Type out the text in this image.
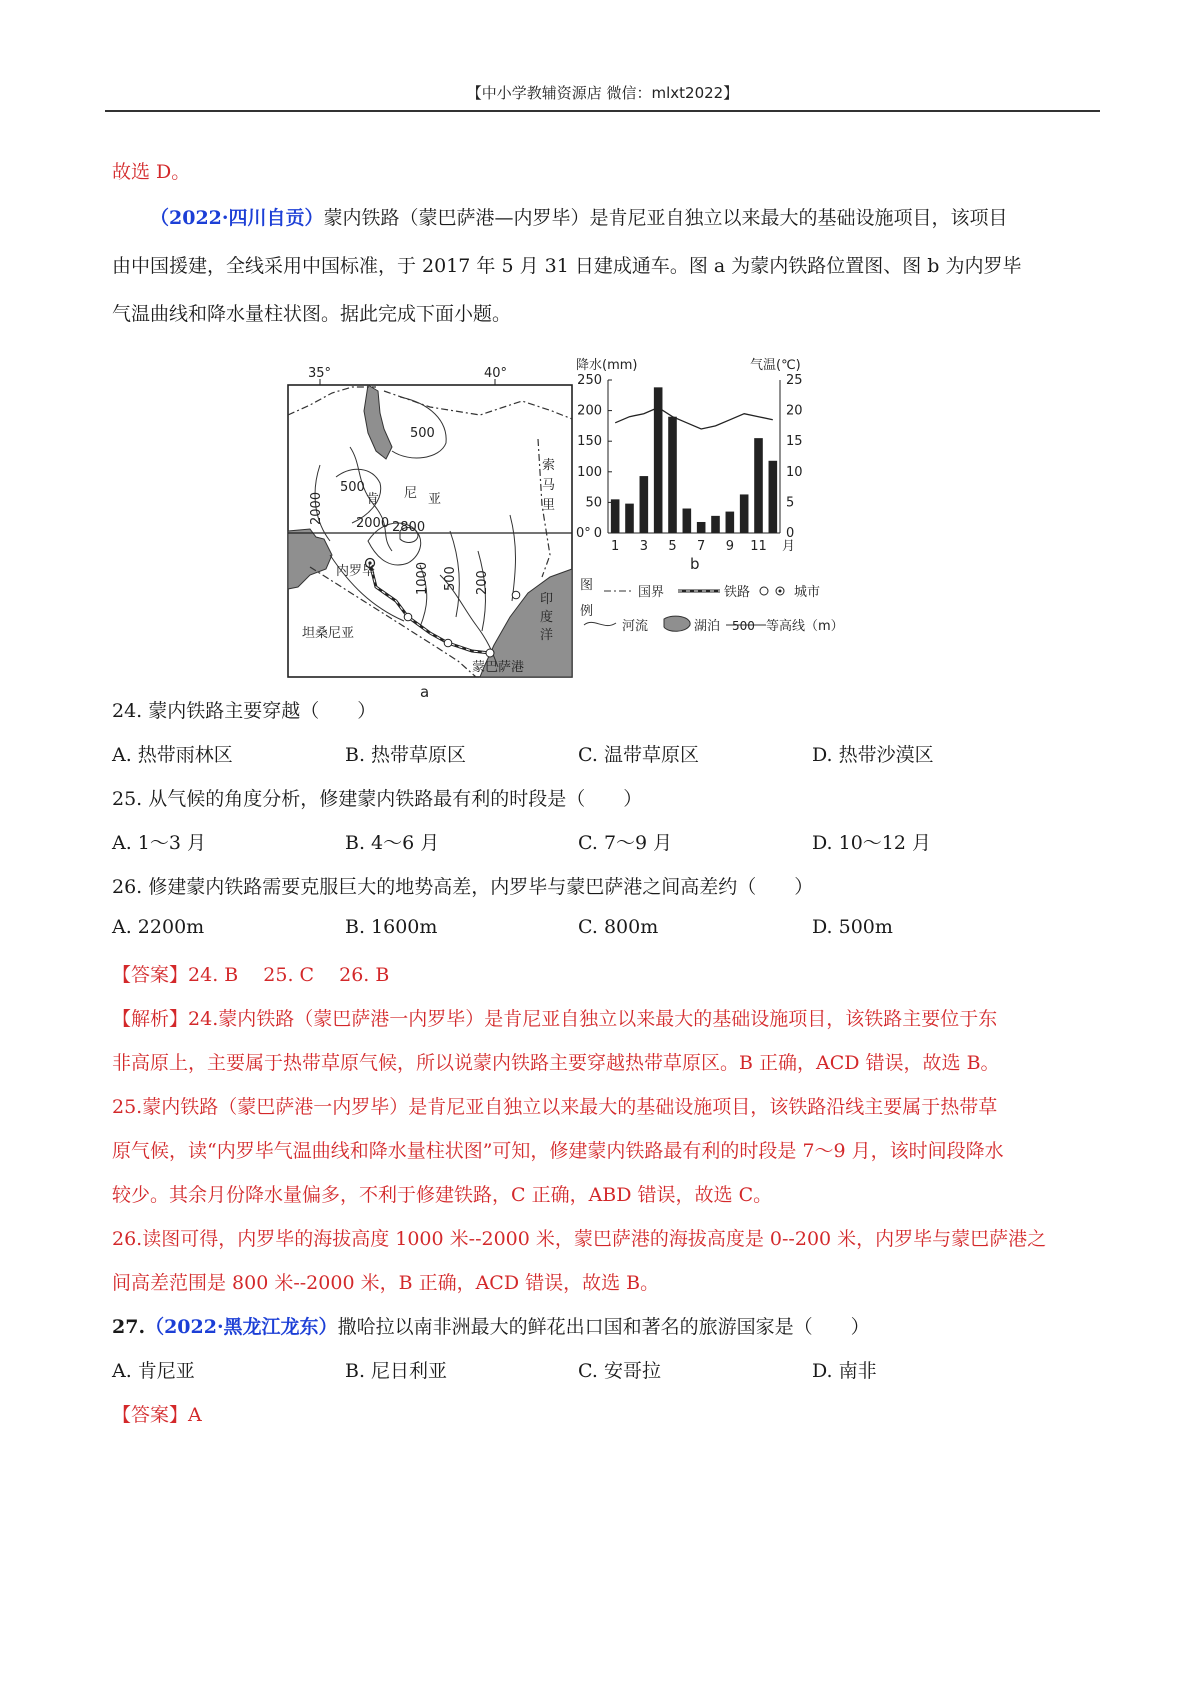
【中小学教辅资源店 微信：mlxt2022】
故选 D。
（2022·四川自贡）蒙内铁路（蒙巴萨港—内罗毕）是肯尼亚自独立以来最大的基础设施项目，该项目
由中国援建，全线采用中国标准，于 2017 年 5 月 31 日建成通车。图 a 为蒙内铁路位置图、图 b 为内罗毕
气温曲线和降水量柱状图。据此完成下面小题。
35°	40°
0°
500
500
2000 2000 2800
1000 500 200
肯 尼 亚
索
马
里
内罗毕
坦桑尼亚
蒙巴萨港
印
度
洋
a
降水(mm)	气温(℃)
0
50
100
150
200
250
0
5
10
15
20
25
1 3 5 7 9 11 月
b
图
例
国界	铁路	城市
河流	湖泊 500 等高线（m）
24. 蒙内铁路主要穿越（　　）
A. 热带雨林区	B. 热带草原区	C. 温带草原区	D. 热带沙漠区
25. 从气候的角度分析，修建蒙内铁路最有利的时段是（　　）
A. 1～3 月	B. 4～6 月	C. 7～9 月	D. 10～12 月
26. 修建蒙内铁路需要克服巨大的地势高差，内罗毕与蒙巴萨港之间高差约（　　）
A. 2200m	B. 1600m	C. 800m	D. 500m
【答案】24. B　 25. C　 26. B
【解析】24.蒙内铁路（蒙巴萨港一内罗毕）是肯尼亚自独立以来最大的基础设施项目，该铁路主要位于东
非高原上，主要属于热带草原气候，所以说蒙内铁路主要穿越热带草原区。B 正确，ACD 错误，故选 B。
25.蒙内铁路（蒙巴萨港一内罗毕）是肯尼亚自独立以来最大的基础设施项目，该铁路沿线主要属于热带草
原气候，读“内罗毕气温曲线和降水量柱状图”可知，修建蒙内铁路最有利的时段是 7～9 月，该时间段降水
较少。其余月份降水量偏多，不利于修建铁路，C 正确，ABD 错误，故选 C。
26.读图可得，内罗毕的海拔高度 1000 米--2000 米，蒙巴萨港的海拔高度是 0--200 米，内罗毕与蒙巴萨港之
间高差范围是 800 米--2000 米，B 正确，ACD 错误，故选 B。
27.（2022·黑龙江龙东）撒哈拉以南非洲最大的鲜花出口国和著名的旅游国家是（　　）
A. 肯尼亚	B. 尼日利亚	C. 安哥拉	D. 南非
【答案】A
